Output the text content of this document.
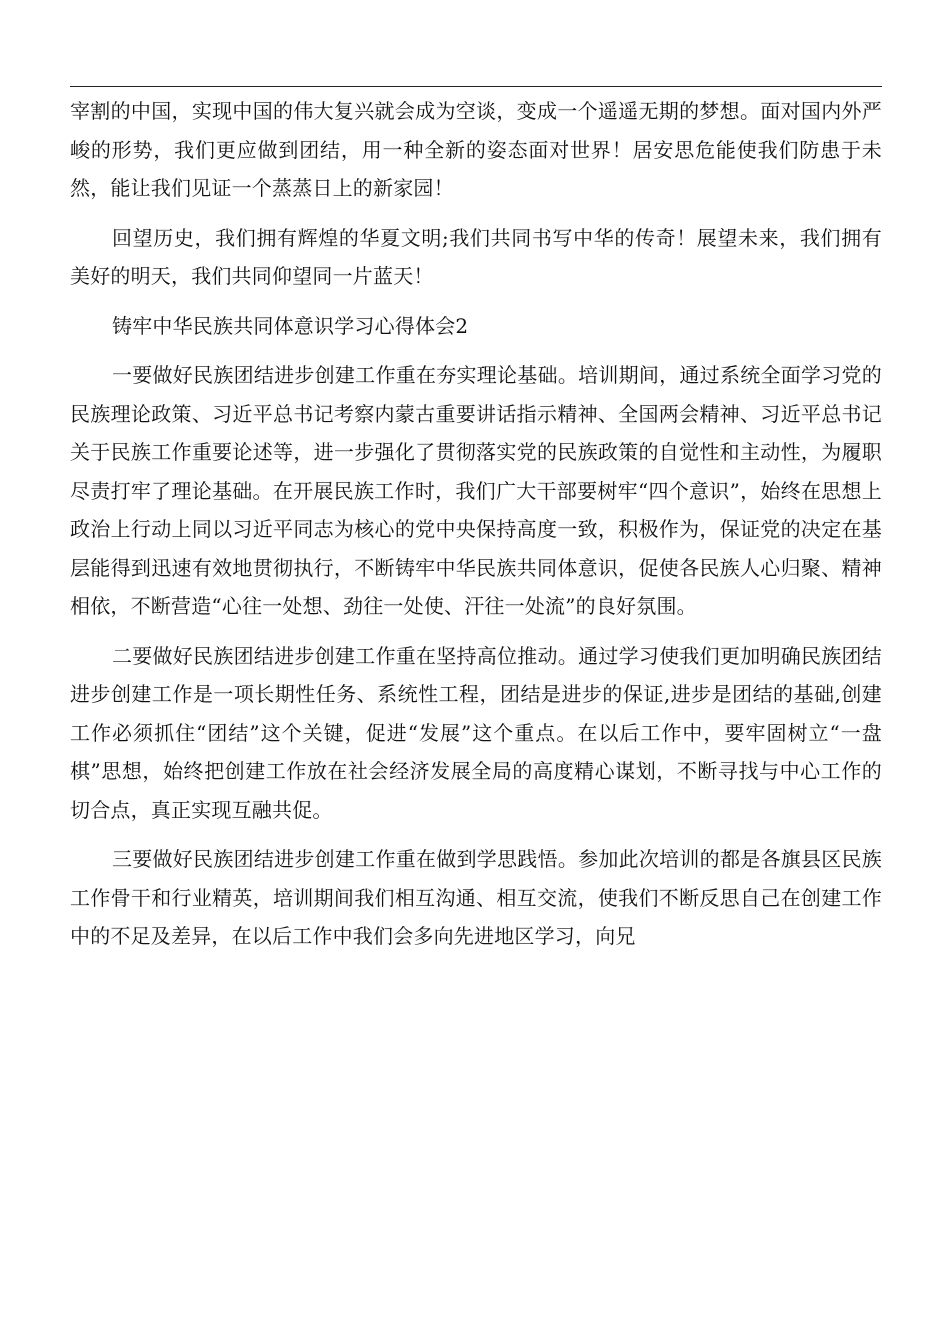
宰割的中国，实现中国的伟大复兴就会成为空谈，变成一个遥遥无期的梦想。面对国内外严峻的形势，我们更应做到团结，用一种全新的姿态面对世界！居安思危能使我们防患于未然，能让我们见证一个蒸蒸日上的新家园！

回望历史，我们拥有辉煌的华夏文明;我们共同书写中华的传奇！展望未来，我们拥有美好的明天，我们共同仰望同一片蓝天！

铸牢中华民族共同体意识学习心得体会2

一要做好民族团结进步创建工作重在夯实理论基础。培训期间，通过系统全面学习党的民族理论政策、习近平总书记考察内蒙古重要讲话指示精神、全国两会精神、习近平总书记关于民族工作重要论述等，进一步强化了贯彻落实党的民族政策的自觉性和主动性，为履职尽责打牢了理论基础。在开展民族工作时，我们广大干部要树牢“四个意识”，始终在思想上政治上行动上同以习近平同志为核心的党中央保持高度一致，积极作为，保证党的决定在基层能得到迅速有效地贯彻执行，不断铸牢中华民族共同体意识，促使各民族人心归聚、精神相依，不断营造“心往一处想、劲往一处使、汗往一处流”的良好氛围。

二要做好民族团结进步创建工作重在坚持高位推动。通过学习使我们更加明确民族团结进步创建工作是一项长期性任务、系统性工程，团结是进步的保证,进步是团结的基础,创建工作必须抓住“团结”这个关键，促进“发展”这个重点。在以后工作中，要牢固树立“一盘棋”思想，始终把创建工作放在社会经济发展全局的高度精心谋划，不断寻找与中心工作的切合点，真正实现互融共促。

三要做好民族团结进步创建工作重在做到学思践悟。参加此次培训的都是各旗县区民族工作骨干和行业精英，培训期间我们相互沟通、相互交流，使我们不断反思自己在创建工作中的不足及差异，在以后工作中我们会多向先进地区学习，向兄
